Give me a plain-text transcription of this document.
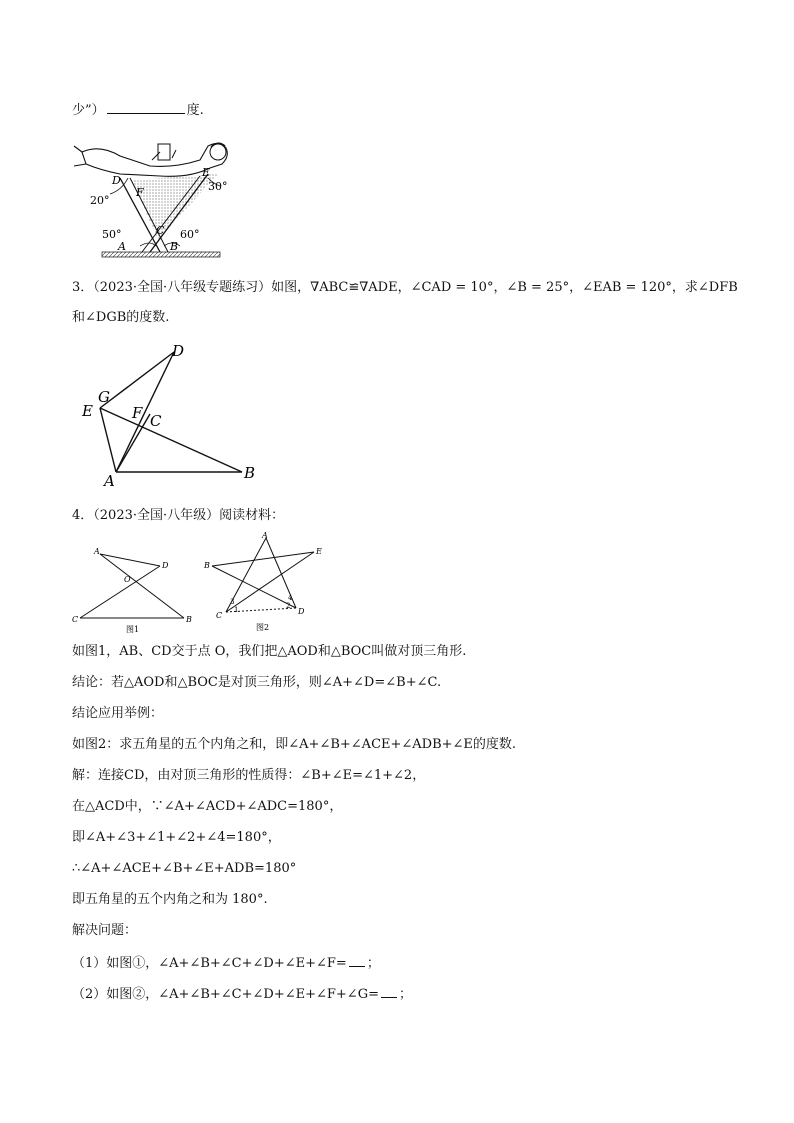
少”）	度.
D
E
F
C
A	B
20°
30°
50°	60°
3．（2023·全国·八年级专题练习）如图，∇ABC≌∇ADE，∠CAD = 10°，∠B = 25°，∠EAB = 120°，求∠DFB
和∠DGB的度数.
D
G
E	F C
A	B
4．（2023·全国·八年级）阅读材料：
A
D
O
C	B
图1
A
B
E
C	D
1	2
3	4
图2
如图1，AB、CD交于点 O，我们把△AOD和△BOC叫做对顶三角形.
结论：若△AOD和△BOC是对顶三角形，则∠A+∠D=∠B+∠C.
结论应用举例：
如图2：求五角星的五个内角之和，即∠A+∠B+∠ACE+∠ADB+∠E的度数.
解：连接CD，由对顶三角形的性质得：∠B+∠E=∠1+∠2，
在△ACD中，∵∠A+∠ACD+∠ADC=180°，
即∠A+∠3+∠1+∠2+∠4=180°，
∴∠A+∠ACE+∠B+∠E+ADB=180°
即五角星的五个内角之和为 180°.
解决问题：
（1）如图①，∠A+∠B+∠C+∠D+∠E+∠F= ；
（2）如图②，∠A+∠B+∠C+∠D+∠E+∠F+∠G= ；
